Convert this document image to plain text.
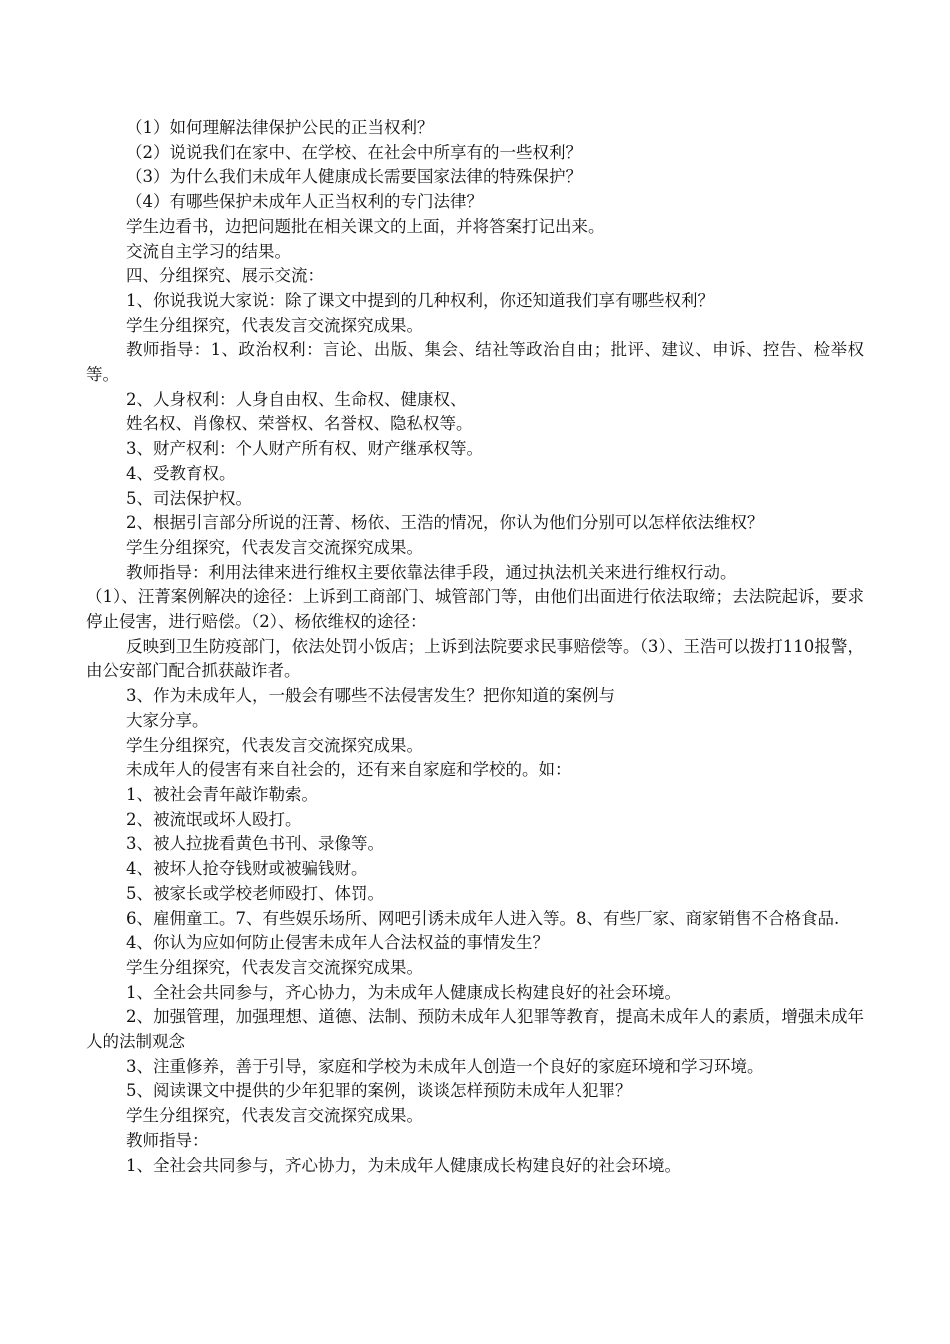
（1）如何理解法律保护公民的正当权利？

（2）说说我们在家中、在学校、在社会中所享有的一些权利？

（3）为什么我们未成年人健康成长需要国家法律的特殊保护？

（4）有哪些保护未成年人正当权利的专门法律？

学生边看书，边把问题批在相关课文的上面，并将答案打记出来。

交流自主学习的结果。

四、分组探究、展示交流：

1、你说我说大家说：除了课文中提到的几种权利，你还知道我们享有哪些权利？

学生分组探究，代表发言交流探究成果。

教师指导：1、政治权利：言论、出版、集会、结社等政治自由；批评、建议、申诉、控告、检举权等。

2、人身权利：人身自由权、生命权、健康权、

姓名权、肖像权、荣誉权、名誉权、隐私权等。

3、财产权利：个人财产所有权、财产继承权等。

4、受教育权。

5、司法保护权。

2、根据引言部分所说的汪菁、杨依、王浩的情况，你认为他们分别可以怎样依法维权？

学生分组探究，代表发言交流探究成果。

教师指导：利用法律来进行维权主要依靠法律手段，通过执法机关来进行维权行动。

（1）、汪菁案例解决的途径：上诉到工商部门、城管部门等，由他们出面进行依法取缔；去法院起诉，要求停止侵害，进行赔偿。（2）、杨依维权的途径：

反映到卫生防疫部门，依法处罚小饭店；上诉到法院要求民事赔偿等。（3）、王浩可以拨打110报警，由公安部门配合抓获敲诈者。

3、作为未成年人，一般会有哪些不法侵害发生？把你知道的案例与

大家分享。

学生分组探究，代表发言交流探究成果。

未成年人的侵害有来自社会的，还有来自家庭和学校的。如：

1、被社会青年敲诈勒索。

2、被流氓或坏人殴打。

3、被人拉拢看黄色书刊、录像等。

4、被坏人抢夺钱财或被骗钱财。

5、被家长或学校老师殴打、体罚。

6、雇佣童工。7、有些娱乐场所、网吧引诱未成年人进入等。8、有些厂家、商家销售不合格食品.

4、你认为应如何防止侵害未成年人合法权益的事情发生？

学生分组探究，代表发言交流探究成果。

1、全社会共同参与，齐心协力，为未成年人健康成长构建良好的社会环境。

2、加强管理，加强理想、道德、法制、预防未成年人犯罪等教育，提高未成年人的素质，增强未成年人的法制观念

3、注重修养，善于引导，家庭和学校为未成年人创造一个良好的家庭环境和学习环境。

5、阅读课文中提供的少年犯罪的案例，谈谈怎样预防未成年人犯罪？

学生分组探究，代表发言交流探究成果。

教师指导：

1、全社会共同参与，齐心协力，为未成年人健康成长构建良好的社会环境。
